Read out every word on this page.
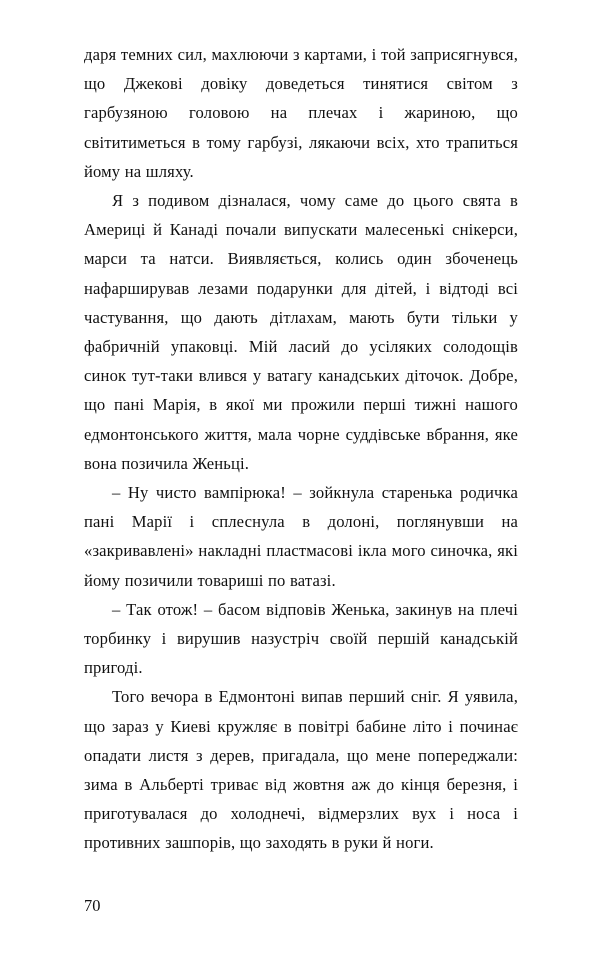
даря темних сил, махлюючи з картами, і той заприсягнувся, що Джекові довіку доведеться тинятися світом з гарбузяною головою на плечах і жариною, що світитиметься в тому гарбузі, лякаючи всіх, хто трапиться йому на шляху.

Я з подивом дізналася, чому саме до цього свята в Америці й Канаді почали випускати малесенькі снікерси, марси та натси. Виявляється, колись один збоченець нафарширував лезами подарунки для дітей, і відтоді всі частування, що дають дітлахам, мають бути тільки у фабричній упаковці. Мій ласий до усіляких солодощів синок тут-таки влився у ватагу канадських діточок. Добре, що пані Марія, в якої ми прожили перші тижні нашого едмонтонського життя, мала чорне суддівське вбрання, яке вона позичила Женьці.

– Ну чисто вампірюка! – зойкнула старенька родичка пані Марії і сплеснула в долоні, поглянувши на «закривавлені» накладні пластмасові ікла мого синочка, які йому позичили товариші по ватазі.

– Так отож! – басом відповів Женька, закинув на плечі торбинку і вирушив назустріч своїй першій канадській пригоді.

Того вечора в Едмонтоні випав перший сніг. Я уявила, що зараз у Киеві кружляє в повітрі бабине літо і починає опадати листя з дерев, пригадала, що мене попереджали: зима в Альберті триває від жовтня аж до кінця березня, і приготувалася до холоднечі, відмерзлих вух і носа і противних зашпорів, що заходять в руки й ноги.

70
